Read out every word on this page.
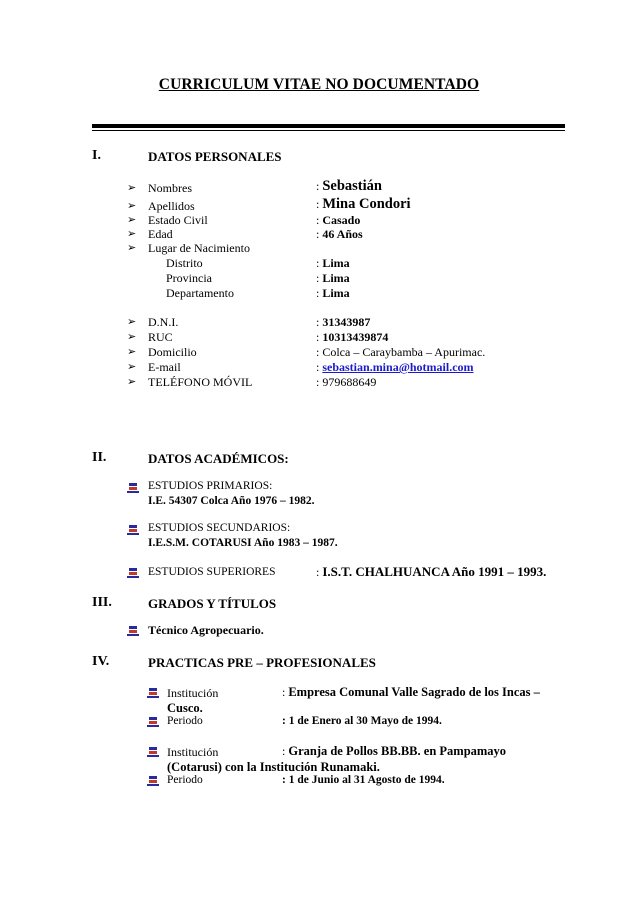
CURRICULUM VITAE NO DOCUMENTADO
I.	DATOS PERSONALES
➢ Nombres	: Sebastián
➢ Apellidos	: Mina Condori
➢ Estado Civil	: Casado
➢ Edad	: 46 Años
➢ Lugar de Nacimiento
Distrito	: Lima
Provincia	: Lima
Departamento	: Lima
➢ D.N.I.	: 31343987
➢ RUC	: 10313439874
➢ Domicilio	: Colca – Caraybamba – Apurimac.
➢ E-mail	: sebastian.mina@hotmail.com
➢ TELÉFONO MÓVIL	: 979688649
II.	DATOS ACADÉMICOS:
ESTUDIOS PRIMARIOS:
I.E. 54307 Colca Año 1976 – 1982.
ESTUDIOS SECUNDARIOS:
I.E.S.M. COTARUSI Año 1983 – 1987.
ESTUDIOS SUPERIORES	: I.S.T. CHALHUANCA Año 1991 – 1993.
III.	GRADOS Y TÍTULOS
Técnico Agropecuario.
IV.	PRACTICAS PRE – PROFESIONALES
Institución	: Empresa Comunal Valle Sagrado de los Incas –
Cusco.
Periodo	: 1 de Enero al 30 Mayo de 1994.
Institución	: Granja de Pollos BB.BB. en Pampamayo
(Cotarusi) con la Institución Runamaki.
Periodo	: 1 de Junio al 31 Agosto de 1994.
